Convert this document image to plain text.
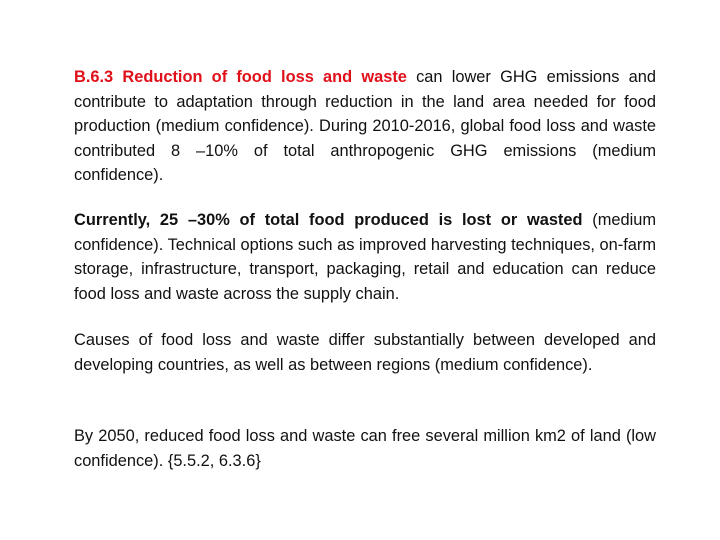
B.6.3 Reduction of food loss and waste can lower GHG emissions and contribute to adaptation through reduction in the land area needed for food production (medium confidence). During 2010-2016, global food loss and waste contributed 8 –10% of total anthropogenic GHG emissions (medium confidence).

Currently, 25 –30% of total food produced is lost or wasted (medium confidence). Technical options such as improved harvesting techniques, on-farm storage, infrastructure, transport, packaging, retail and education can reduce food loss and waste across the supply chain.

Causes of food loss and waste differ substantially between developed and developing countries, as well as between regions (medium confidence).

By 2050, reduced food loss and waste can free several million km2 of land (low confidence). {5.5.2, 6.3.6}
